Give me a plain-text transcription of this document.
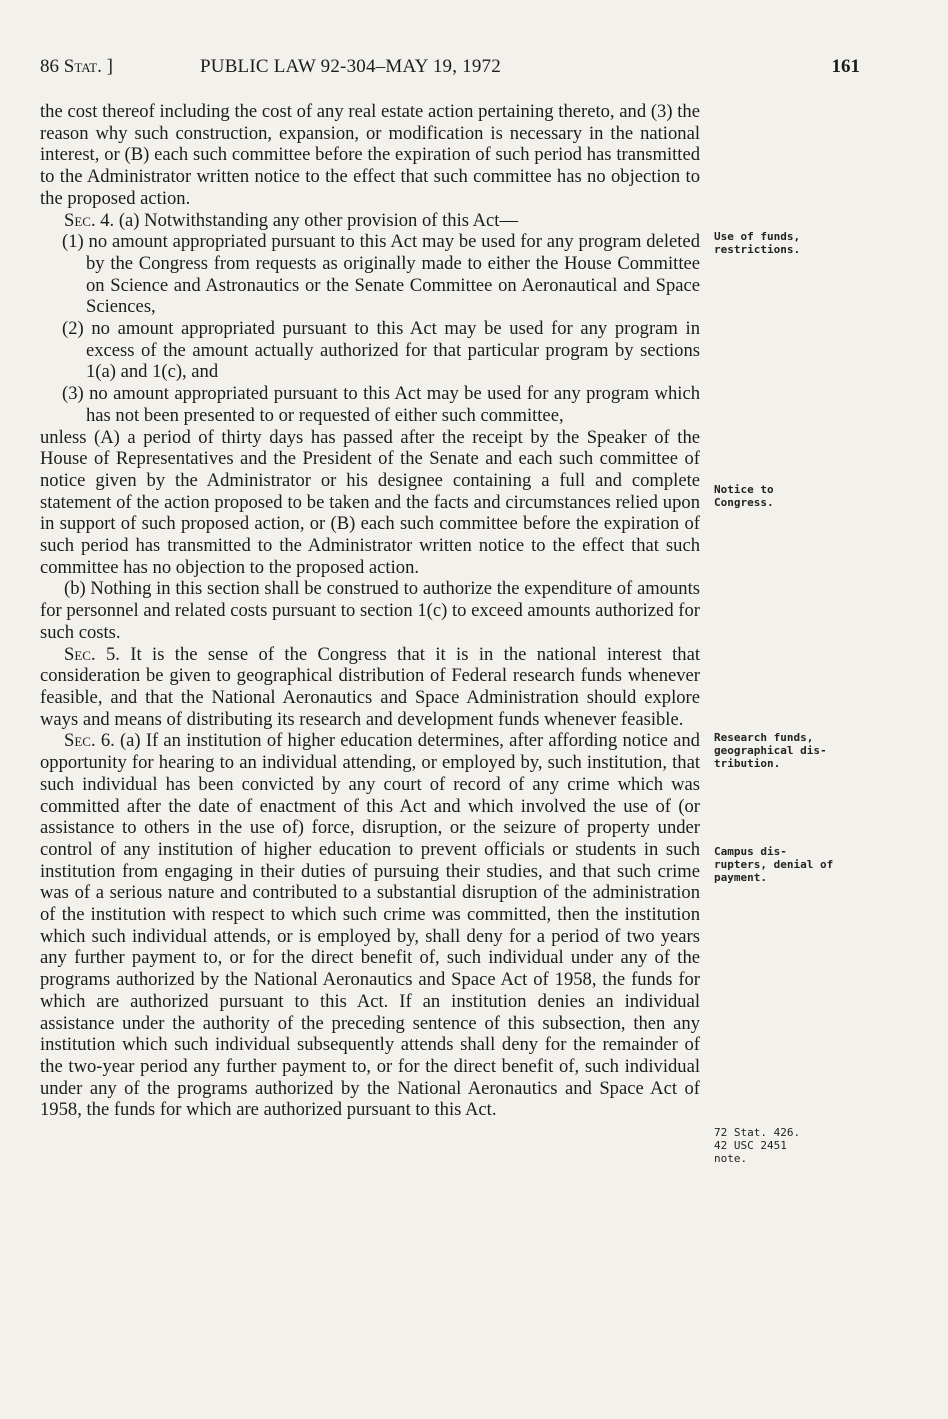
86 Stat. ]	PUBLIC LAW 92-304–MAY 19, 1972	161

the cost thereof including the cost of any real estate action pertaining thereto, and (3) the reason why such construction, expansion, or modification is necessary in the national interest, or (B) each such committee before the expiration of such period has transmitted to the Administrator written notice to the effect that such committee has no objection to the proposed action.

Sec. 4. (a) Notwithstanding any other provision of this Act—

(1) no amount appropriated pursuant to this Act may be used for any program deleted by the Congress from requests as originally made to either the House Committee on Science and Astronautics or the Senate Committee on Aeronautical and Space Sciences,

(2) no amount appropriated pursuant to this Act may be used for any program in excess of the amount actually authorized for that particular program by sections 1(a) and 1(c), and

(3) no amount appropriated pursuant to this Act may be used for any program which has not been presented to or requested of either such committee,

unless (A) a period of thirty days has passed after the receipt by the Speaker of the House of Representatives and the President of the Senate and each such committee of notice given by the Administrator or his designee containing a full and complete statement of the action proposed to be taken and the facts and circumstances relied upon in support of such proposed action, or (B) each such committee before the expiration of such period has transmitted to the Administrator written notice to the effect that such committee has no objection to the proposed action.

(b) Nothing in this section shall be construed to authorize the expenditure of amounts for personnel and related costs pursuant to section 1(c) to exceed amounts authorized for such costs.

Sec. 5. It is the sense of the Congress that it is in the national interest that consideration be given to geographical distribution of Federal research funds whenever feasible, and that the National Aeronautics and Space Administration should explore ways and means of distributing its research and development funds whenever feasible.

Sec. 6. (a) If an institution of higher education determines, after affording notice and opportunity for hearing to an individual attending, or employed by, such institution, that such individual has been convicted by any court of record of any crime which was committed after the date of enactment of this Act and which involved the use of (or assistance to others in the use of) force, disruption, or the seizure of property under control of any institution of higher education to prevent officials or students in such institution from engaging in their duties of pursuing their studies, and that such crime was of a serious nature and contributed to a substantial disruption of the administration of the institution with respect to which such crime was committed, then the institution which such individual attends, or is employed by, shall deny for a period of two years any further payment to, or for the direct benefit of, such individual under any of the programs authorized by the National Aeronautics and Space Act of 1958, the funds for which are authorized pursuant to this Act. If an institution denies an individual assistance under the authority of the preceding sentence of this subsection, then any institution which such individual subsequently attends shall deny for the remainder of the two-year period any further payment to, or for the direct benefit of, such individual under any of the programs authorized by the National Aeronautics and Space Act of 1958, the funds for which are authorized pursuant to this Act.

Use of funds,
restrictions.
Notice to
Congress.
Research funds,
geographical dis-
tribution.
Campus dis-
rupters, denial of
payment.
72 Stat. 426.
42 USC 2451
note.
